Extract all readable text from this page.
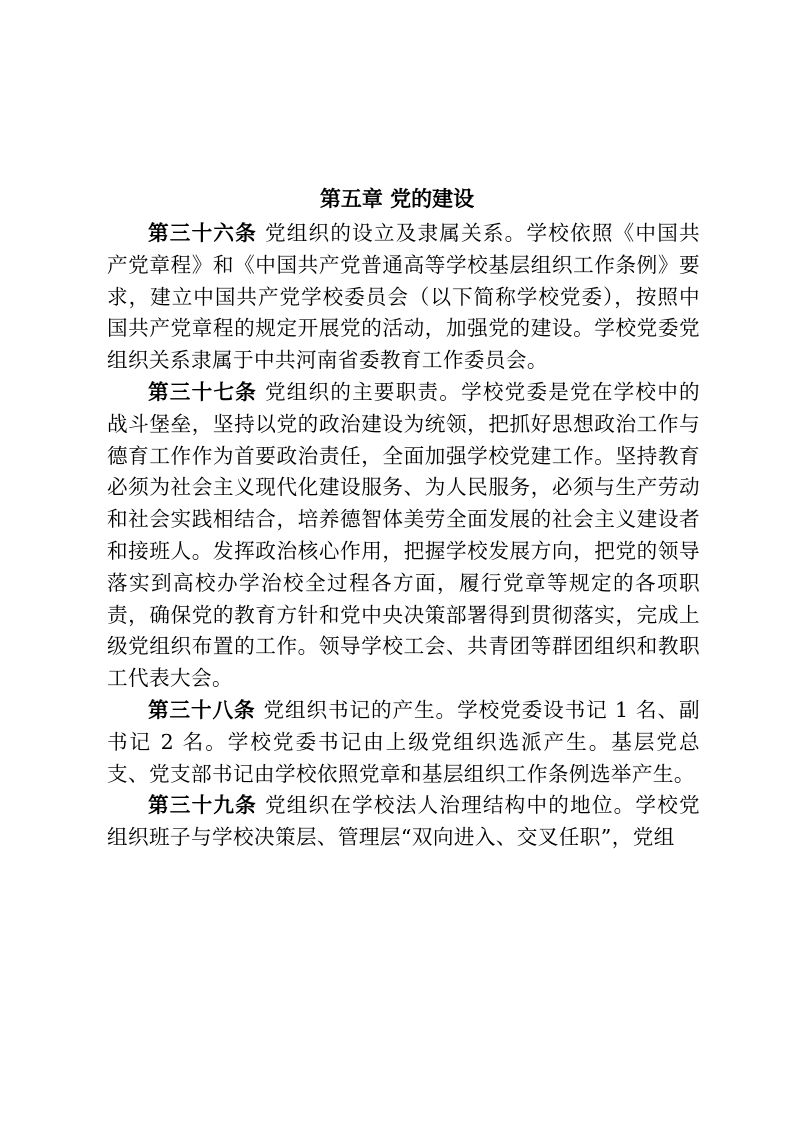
第五章 党的建设

第三十六条 党组织的设立及隶属关系。学校依照《中国共产党章程》和《中国共产党普通高等学校基层组织工作条例》要求，建立中国共产党学校委员会（以下简称学校党委），按照中国共产党章程的规定开展党的活动，加强党的建设。学校党委党组织关系隶属于中共河南省委教育工作委员会。

第三十七条 党组织的主要职责。学校党委是党在学校中的战斗堡垒，坚持以党的政治建设为统领，把抓好思想政治工作与德育工作作为首要政治责任，全面加强学校党建工作。坚持教育必须为社会主义现代化建设服务、为人民服务，必须与生产劳动和社会实践相结合，培养德智体美劳全面发展的社会主义建设者和接班人。发挥政治核心作用，把握学校发展方向，把党的领导落实到高校办学治校全过程各方面，履行党章等规定的各项职责，确保党的教育方针和党中央决策部署得到贯彻落实，完成上级党组织布置的工作。领导学校工会、共青团等群团组织和教职工代表大会。

第三十八条 党组织书记的产生。学校党委设书记 1 名、副书记 2 名。学校党委书记由上级党组织选派产生。基层党总支、党支部书记由学校依照党章和基层组织工作条例选举产生。

第三十九条 党组织在学校法人治理结构中的地位。学校党组织班子与学校决策层、管理层“双向进入、交叉任职”，党组
